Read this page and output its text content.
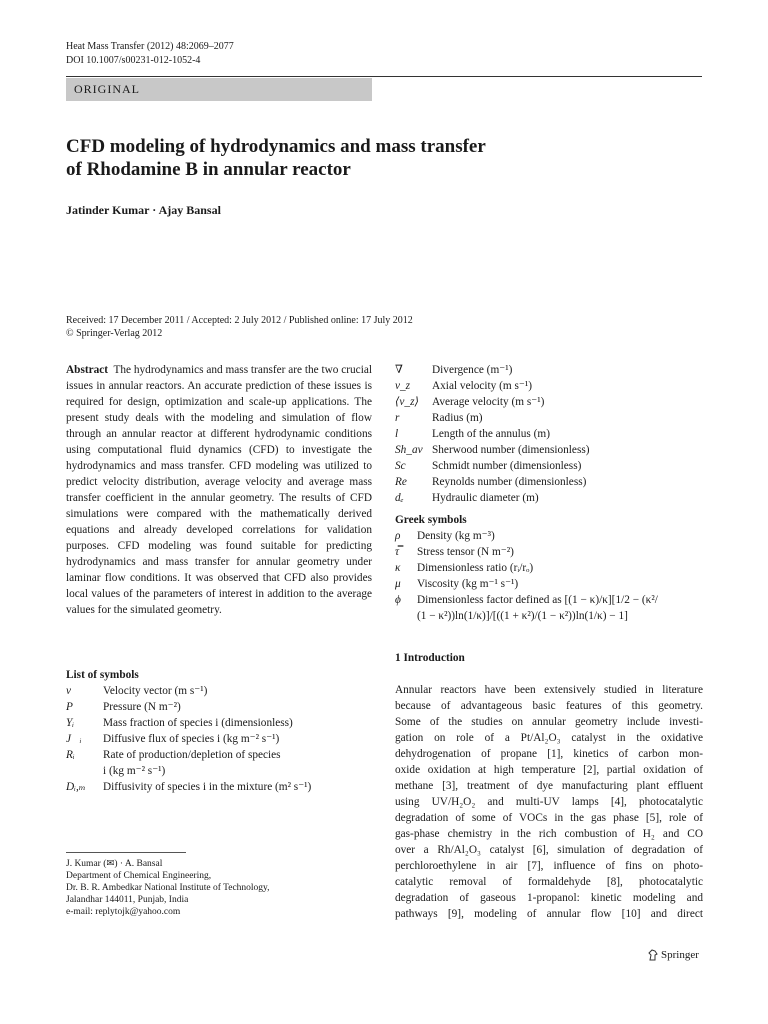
Heat Mass Transfer (2012) 48:2069–2077
DOI 10.1007/s00231-012-1052-4
ORIGINAL
CFD modeling of hydrodynamics and mass transfer
of Rhodamine B in annular reactor
Jatinder Kumar · Ajay Bansal
Received: 17 December 2011 / Accepted: 2 July 2012 / Published online: 17 July 2012
© Springer-Verlag 2012
Abstract The hydrodynamics and mass transfer are the two crucial issues in annular reactors. An accurate prediction of these issues is required for design, optimization and scale-up applications. The present study deals with the modeling and simulation of flow through an annular reactor at different hydrodynamic conditions using computational fluid dynamics (CFD) to investigate the hydrodynamics and mass transfer. CFD modeling was utilized to predict velocity distribution, average velocity and average mass transfer coefficient in the annular geometry. The results of CFD simulations were compared with the mathematically derived equations and already developed correlations for validation purposes. CFD modeling was found suitable for predicting hydrodynamics and mass transfer for annular geometry under laminar flow conditions. It was observed that CFD also provides local values of the parameters of interest in addition to the average values for the simulated geometry.
List of symbols
v⃗ Velocity vector (m s⁻¹)
P	Pressure (N m⁻²)
Yᵢ	Mass fraction of species i (dimensionless)
J⃗ᵢ Diffusive flux of species i (kg m⁻² s⁻¹)
Rᵢ	Rate of production/depletion of species
i (kg m⁻² s⁻¹)
Dᵢ,ₘ Diffusivity of species i in the mixture (m² s⁻¹)
J. Kumar (✉) · A. Bansal
Department of Chemical Engineering,
Dr. B. R. Ambedkar National Institute of Technology,
Jalandhar 144011, Punjab, India
e-mail: replytojk@yahoo.com
∇	Divergence (m⁻¹)
v_z Axial velocity (m s⁻¹)
⟨v_z⟩ Average velocity (m s⁻¹)
r	Radius (m)
l	Length of the annulus (m)
Sh_av Sherwood number (dimensionless)
Sc Schmidt number (dimensionless)
Re Reynolds number (dimensionless)
dₑ	Hydraulic diameter (m)
Greek symbols
ρ Density (kg m⁻³)
τ̿ Stress tensor (N m⁻²)
κ Dimensionless ratio (rᵢ/rₒ)
μ Viscosity (kg m⁻¹ s⁻¹)
ϕ Dimensionless factor defined as [(1 − κ)/κ][1/2 − (κ²/
(1 − κ²))ln(1/κ)]/[((1 + κ²)/(1 − κ²))ln(1/κ) − 1]
1 Introduction
Annular reactors have been extensively studied in literature
because of advantageous basic features of this geometry.
Some of the studies on annular geometry include investi-
gation on role of a Pt/Al₂O₃ catalyst in the oxidative
dehydrogenation of propane [1], kinetics of carbon mon-
oxide oxidation at high temperature [2], partial oxidation of
methane [3], treatment of dye manufacturing plant effluent
using UV/H₂O₂ and multi-UV lamps [4], photocatalytic
degradation of some of VOCs in the gas phase [5], role of
gas-phase chemistry in the rich combustion of H₂ and CO
over a Rh/Al₂O₃ catalyst [6], simulation of degradation of
perchloroethylene in air [7], influence of fins on photo-
catalytic removal of formaldehyde [8], photocatalytic
degradation of gaseous 1-propanol: kinetic modeling and
pathways [9], modeling of annular flow [10] and direct
Springer
